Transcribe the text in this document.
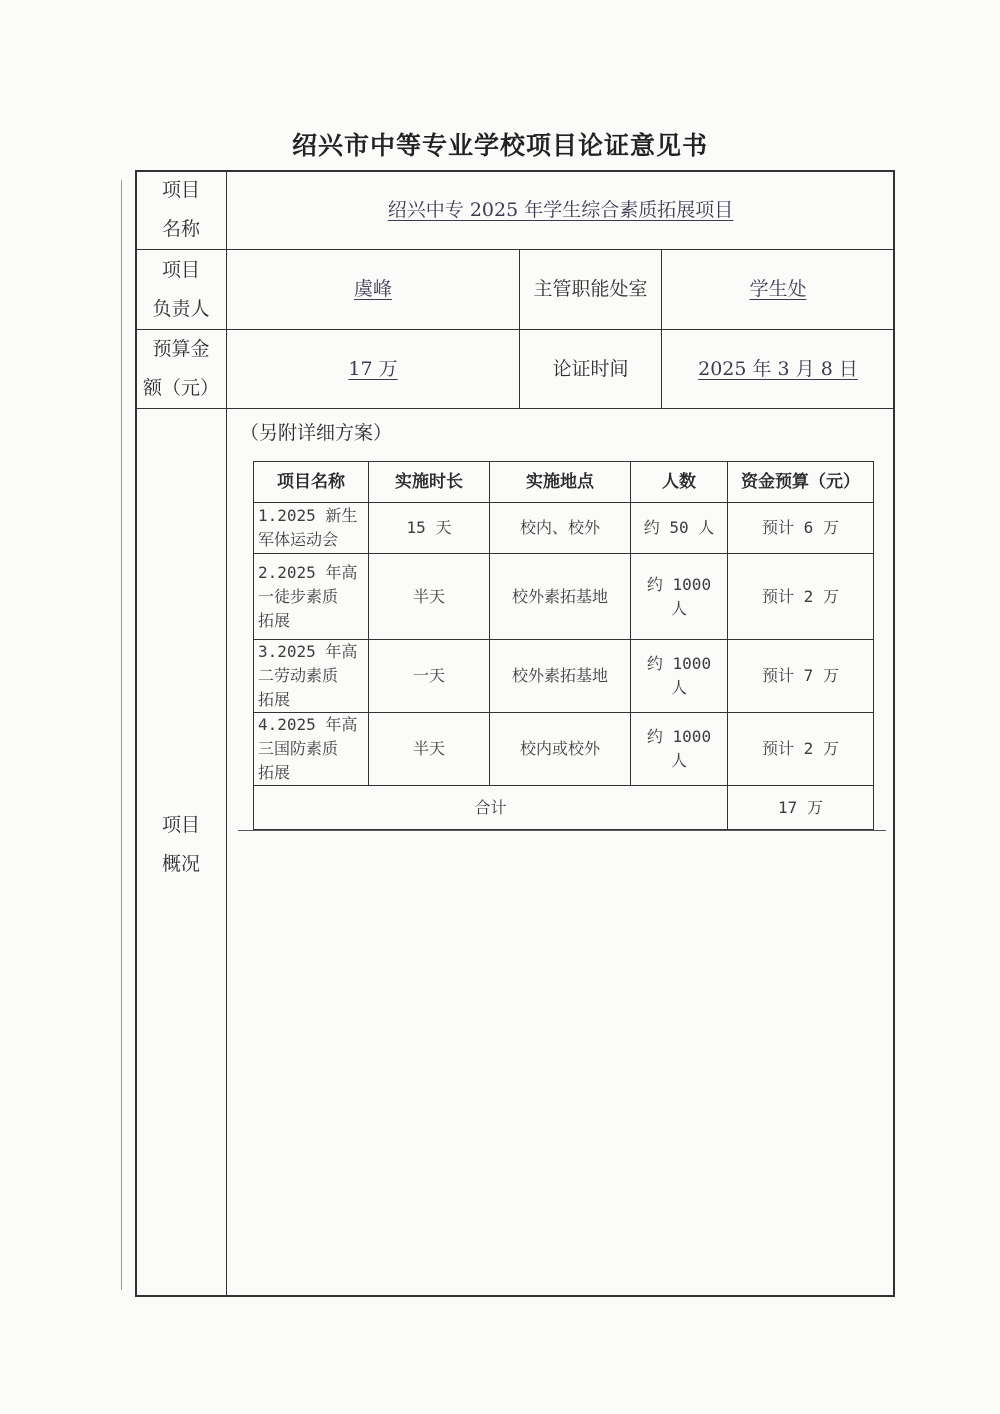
绍兴市中等专业学校项目论证意见书
项目
名称
绍兴中专 2025 年学生综合素质拓展项目
项目
负责人
虞峰	主管职能处室	学生处
预算金
额（元）
17 万	论证时间	2025 年 3 月 8 日
项目
概况
（另附详细方案）
项目名称	实施时长	实施地点	人数	资金预算（元）

1.2025 新生
军体运动会	15 天	校内、校外	约 50 人	预计 6 万

2.2025 年高
一徒步素质
拓展	半天	校外素拓基地	约 1000 人	预计 2 万

3.2025 年高
二劳动素质
拓展	一天	校外素拓基地	约 1000 人	预计 7 万

4.2025 年高
三国防素质
拓展	半天	校内或校外	约 1000 人	预计 2 万
合计				17 万
